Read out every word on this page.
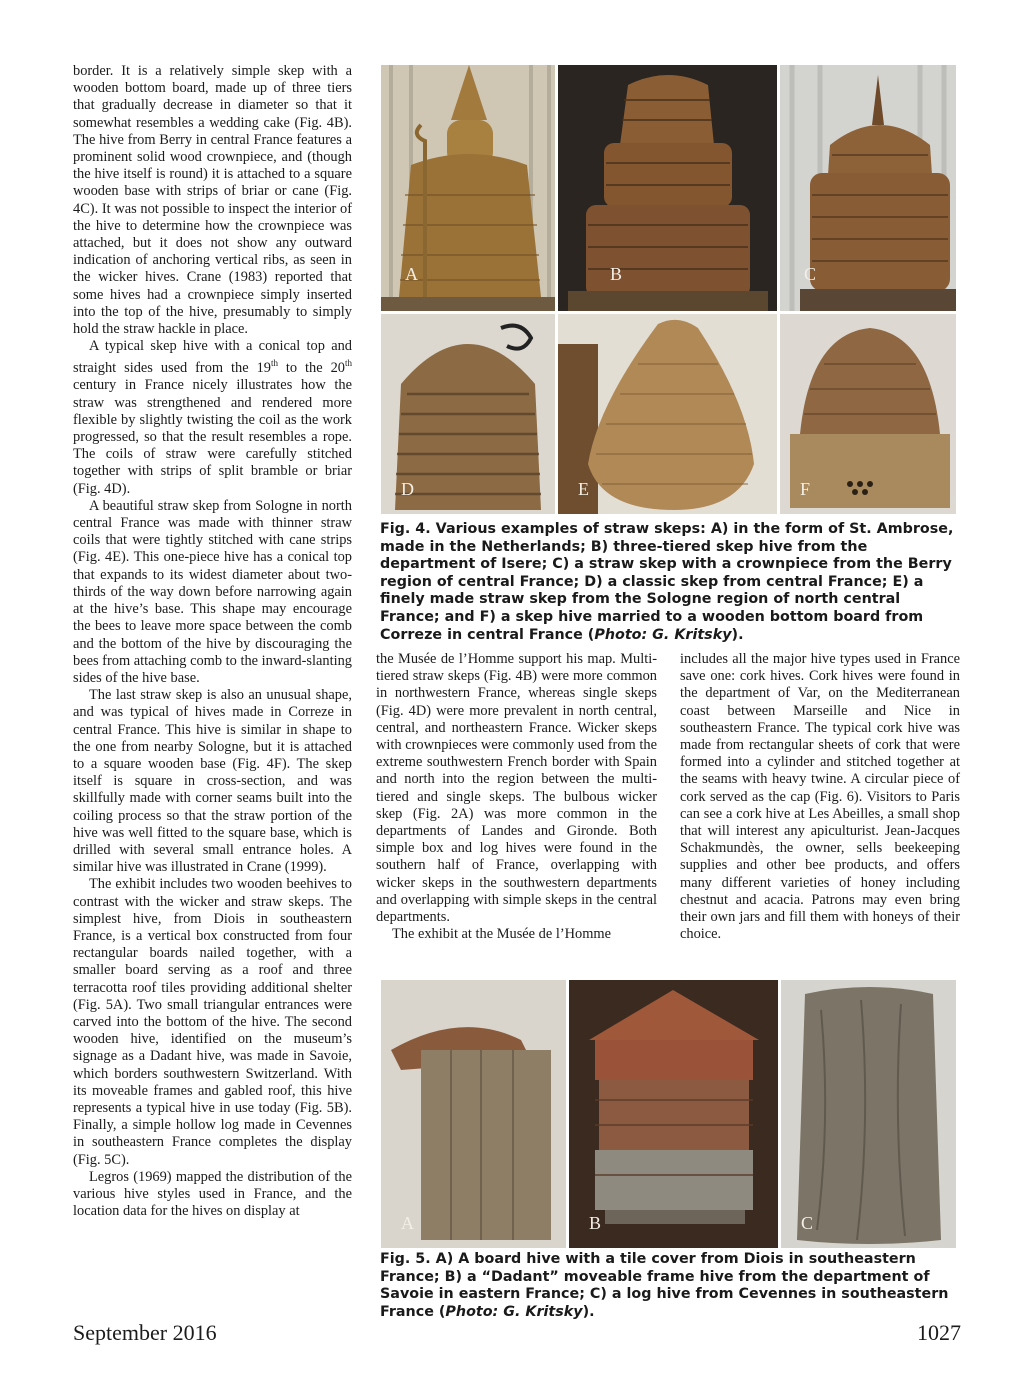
border. It is a relatively simple skep with a wooden bottom board, made up of three tiers that gradually decrease in diameter so that it somewhat resembles a wedding cake (Fig. 4B). The hive from Berry in central France features a prominent solid wood crownpiece, and (though the hive itself is round) it is attached to a square wooden base with strips of briar or cane (Fig. 4C). It was not possible to inspect the interior of the hive to determine how the crownpiece was attached, but it does not show any outward indication of anchoring vertical ribs, as seen in the wicker hives. Crane (1983) reported that some hives had a crownpiece simply inserted into the top of the hive, presumably to simply hold the straw hackle in place.

A typical skep hive with a conical top and straight sides used from the 19th to the 20th century in France nicely illustrates how the straw was strengthened and rendered more flexible by slightly twisting the coil as the work progressed, so that the result resembles a rope. The coils of straw were carefully stitched together with strips of split bramble or briar (Fig. 4D).

A beautiful straw skep from Sologne in north central France was made with thinner straw coils that were tightly stitched with cane strips (Fig. 4E). This one-piece hive has a conical top that expands to its widest diameter about two-thirds of the way down before narrowing again at the hive’s base. This shape may encourage the bees to leave more space between the comb and the bottom of the hive by discouraging the bees from attaching comb to the inward-slanting sides of the hive base.

The last straw skep is also an unusual shape, and was typical of hives made in Correze in central France. This hive is similar in shape to the one from nearby Sologne, but it is attached to a square wooden base (Fig. 4F). The skep itself is square in cross-section, and was skillfully made with corner seams built into the coiling process so that the straw portion of the hive was well fitted to the square base, which is drilled with several small entrance holes. A similar hive was illustrated in Crane (1999).

The exhibit includes two wooden beehives to contrast with the wicker and straw skeps. The simplest hive, from Diois in southeastern France, is a vertical box constructed from four rectangular boards nailed together, with a smaller board serving as a roof and three terracotta roof tiles providing additional shelter (Fig. 5A). Two small triangular entrances were carved into the bottom of the hive. The second wooden hive, identified on the museum’s signage as a Dadant hive, was made in Savoie, which borders southwestern Switzerland. With its moveable frames and gabled roof, this hive represents a typical hive in use today (Fig. 5B). Finally, a simple hollow log made in Cevennes in southeastern France completes the display (Fig. 5C).

Legros (1969) mapped the distribution of the various hive styles used in France, and the location data for the hives on display at

A	B	C
D	E	F
Fig. 4. Various examples of straw skeps: A) in the form of St. Ambrose, made in the Netherlands; B) three-tiered skep hive from the department of Isere; C) a straw skep with a crownpiece from the Berry region of central France; D) a classic skep from central France; E) a finely made straw skep from the Sologne region of north central France; and F) a skep hive married to a wooden bottom board from Correze in central France (Photo: G. Kritsky).

the Musée de l’Homme support his map. Multi-tiered straw skeps (Fig. 4B) were more common in northwestern France, whereas single skeps (Fig. 4D) were more prevalent in north central, central, and northeastern France. Wicker skeps with crownpieces were commonly used from the extreme southwestern French border with Spain and north into the region between the multi-tiered and single skeps. The bulbous wicker skep (Fig. 2A) was more common in the departments of Landes and Gironde. Both simple box and log hives were found in the southern half of France, overlapping with wicker skeps in the southwestern departments and overlapping with simple skeps in the central departments.

The exhibit at the Musée de l’Homme

includes all the major hive types used in France save one: cork hives. Cork hives were found in the department of Var, on the Mediterranean coast between Marseille and Nice in southeastern France. The typical cork hive was made from rectangular sheets of cork that were formed into a cylinder and stitched together at the seams with heavy twine. A circular piece of cork served as the cap (Fig. 6). Visitors to Paris can see a cork hive at Les Abeilles, a small shop that will interest any apiculturist. Jean-Jacques Schakmundès, the owner, sells beekeeping supplies and other bee products, and offers many different varieties of honey including chestnut and acacia. Patrons may even bring their own jars and fill them with honeys of their choice.

A	B	C
Fig. 5. A) A board hive with a tile cover from Diois in southeastern France; B) a “Dadant” moveable frame hive from the department of Savoie in eastern France; C) a log hive from Cevennes in southeastern France (Photo: G. Kritsky).
September 2016	1027
